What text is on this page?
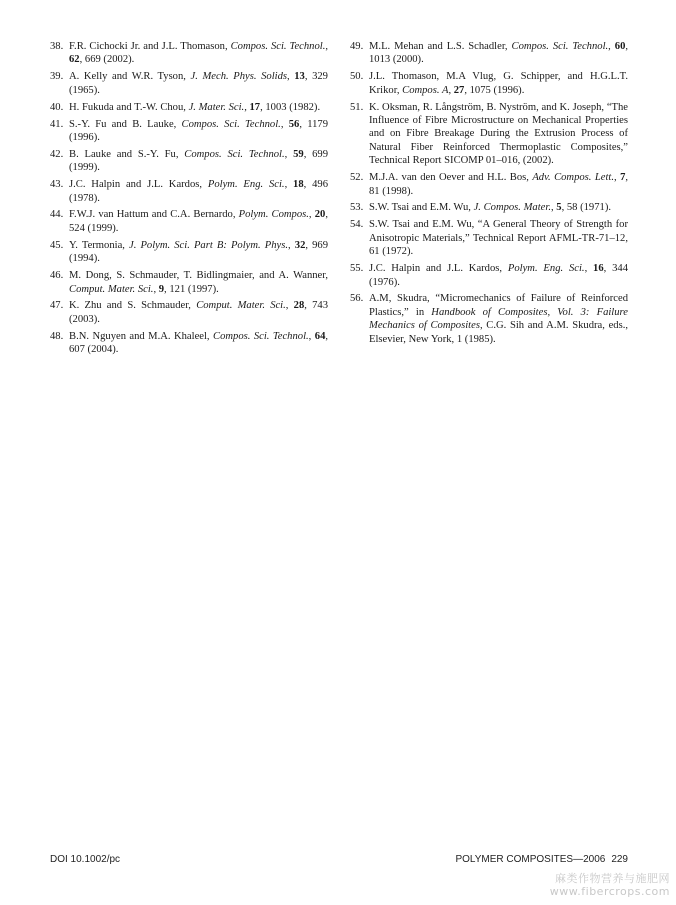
38. F.R. Cichocki Jr. and J.L. Thomason, Compos. Sci. Technol., 62, 669 (2002).

39. A. Kelly and W.R. Tyson, J. Mech. Phys. Solids, 13, 329 (1965).

40. H. Fukuda and T.-W. Chou, J. Mater. Sci., 17, 1003 (1982).

41. S.-Y. Fu and B. Lauke, Compos. Sci. Technol., 56, 1179 (1996).

42. B. Lauke and S.-Y. Fu, Compos. Sci. Technol., 59, 699 (1999).

43. J.C. Halpin and J.L. Kardos, Polym. Eng. Sci., 18, 496 (1978).

44. F.W.J. van Hattum and C.A. Bernardo, Polym. Compos., 20, 524 (1999).

45. Y. Termonia, J. Polym. Sci. Part B: Polym. Phys., 32, 969 (1994).

46. M. Dong, S. Schmauder, T. Bidlingmaier, and A. Wanner, Comput. Mater. Sci., 9, 121 (1997).

47. K. Zhu and S. Schmauder, Comput. Mater. Sci., 28, 743 (2003).

48. B.N. Nguyen and M.A. Khaleel, Compos. Sci. Technol., 64, 607 (2004).

49. M.L. Mehan and L.S. Schadler, Compos. Sci. Technol., 60, 1013 (2000).

50. J.L. Thomason, M.A Vlug, G. Schipper, and H.G.L.T. Krikor, Compos. A, 27, 1075 (1996).

51. K. Oksman, R. Långström, B. Nyström, and K. Joseph, “The Influence of Fibre Microstructure on Mechanical Properties and on Fibre Breakage During the Extrusion Process of Natural Fiber Reinforced Thermoplastic Composites,” Technical Report SICOMP 01–016, (2002).

52. M.J.A. van den Oever and H.L. Bos, Adv. Compos. Lett., 7, 81 (1998).

53. S.W. Tsai and E.M. Wu, J. Compos. Mater., 5, 58 (1971).

54. S.W. Tsai and E.M. Wu, “A General Theory of Strength for Anisotropic Materials,” Technical Report AFML-TR-71–12, 61 (1972).

55. J.C. Halpin and J.L. Kardos, Polym. Eng. Sci., 16, 344 (1976).

56. A.M, Skudra, “Micromechanics of Failure of Reinforced Plastics,” in Handbook of Composites, Vol. 3: Failure Mechanics of Composites, C.G. Sih and A.M. Skudra, eds., Elsevier, New York, 1 (1985).

DOI 10.1002/pc	POLYMER COMPOSITES—2006 229
麻类作物营养与施肥网
www.fibercrops.com
